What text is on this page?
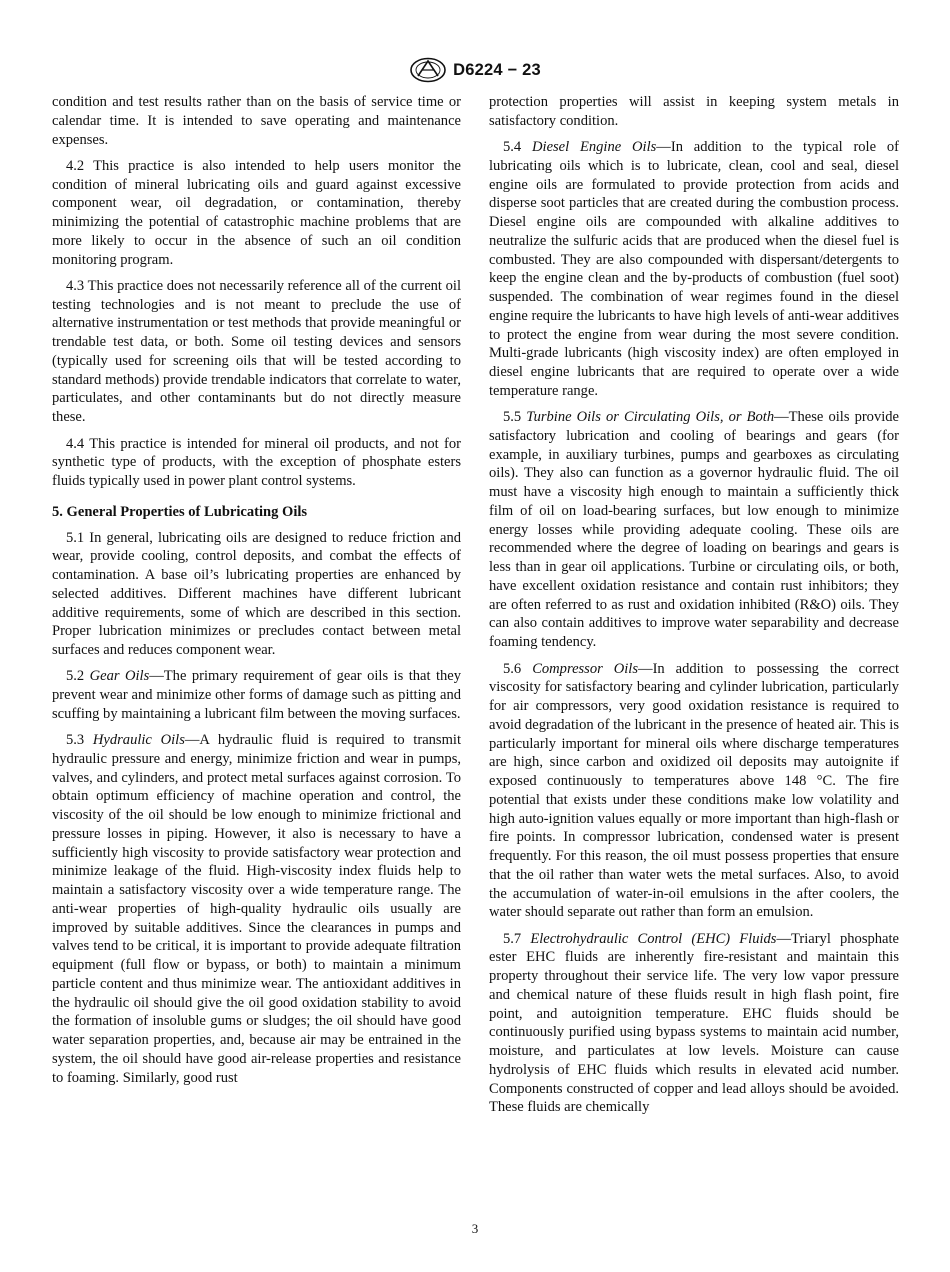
D6224 − 23

condition and test results rather than on the basis of service time or calendar time. It is intended to save operating and maintenance expenses.

4.2 This practice is also intended to help users monitor the condition of mineral lubricating oils and guard against excessive component wear, oil degradation, or contamination, thereby minimizing the potential of catastrophic machine problems that are more likely to occur in the absence of such an oil condition monitoring program.

4.3 This practice does not necessarily reference all of the current oil testing technologies and is not meant to preclude the use of alternative instrumentation or test methods that provide meaningful or trendable test data, or both. Some oil testing devices and sensors (typically used for screening oils that will be tested according to standard methods) provide trendable indicators that correlate to water, particulates, and other contaminants but do not directly measure these.

4.4 This practice is intended for mineral oil products, and not for synthetic type of products, with the exception of phosphate esters fluids typically used in power plant control systems.

5. General Properties of Lubricating Oils

5.1 In general, lubricating oils are designed to reduce friction and wear, provide cooling, control deposits, and combat the effects of contamination. A base oil’s lubricating properties are enhanced by selected additives. Different machines have different lubricant additive requirements, some of which are described in this section. Proper lubrication minimizes or precludes contact between metal surfaces and reduces component wear.

5.2 Gear Oils—The primary requirement of gear oils is that they prevent wear and minimize other forms of damage such as pitting and scuffing by maintaining a lubricant film between the moving surfaces.

5.3 Hydraulic Oils—A hydraulic fluid is required to transmit hydraulic pressure and energy, minimize friction and wear in pumps, valves, and cylinders, and protect metal surfaces against corrosion. To obtain optimum efficiency of machine operation and control, the viscosity of the oil should be low enough to minimize frictional and pressure losses in piping. However, it also is necessary to have a sufficiently high viscosity to provide satisfactory wear protection and minimize leakage of the fluid. High-viscosity index fluids help to maintain a satisfactory viscosity over a wide temperature range. The anti-wear properties of high-quality hydraulic oils usually are improved by suitable additives. Since the clearances in pumps and valves tend to be critical, it is important to provide adequate filtration equipment (full flow or bypass, or both) to maintain a minimum particle content and thus minimize wear. The antioxidant additives in the hydraulic oil should give the oil good oxidation stability to avoid the formation of insoluble gums or sludges; the oil should have good water separation properties, and, because air may be entrained in the system, the oil should have good air-release properties and resistance to foaming. Similarly, good rust

protection properties will assist in keeping system metals in satisfactory condition.

5.4 Diesel Engine Oils—In addition to the typical role of lubricating oils which is to lubricate, clean, cool and seal, diesel engine oils are formulated to provide protection from acids and disperse soot particles that are created during the combustion process. Diesel engine oils are compounded with alkaline additives to neutralize the sulfuric acids that are produced when the diesel fuel is combusted. They are also compounded with dispersant/detergents to keep the engine clean and the by-products of combustion (fuel soot) suspended. The combination of wear regimes found in the diesel engine require the lubricants to have high levels of anti-wear additives to protect the engine from wear during the most severe condition. Multi-grade lubricants (high viscosity index) are often employed in diesel engine lubricants that are required to operate over a wide temperature range.

5.5 Turbine Oils or Circulating Oils, or Both—These oils provide satisfactory lubrication and cooling of bearings and gears (for example, in auxiliary turbines, pumps and gearboxes as circulating oils). They also can function as a governor hydraulic fluid. The oil must have a viscosity high enough to maintain a sufficiently thick film of oil on load-bearing surfaces, but low enough to minimize energy losses while providing adequate cooling. These oils are recommended where the degree of loading on bearings and gears is less than in gear oil applications. Turbine or circulating oils, or both, have excellent oxidation resistance and contain rust inhibitors; they are often referred to as rust and oxidation inhibited (R&O) oils. They can also contain additives to improve water separability and decrease foaming tendency.

5.6 Compressor Oils—In addition to possessing the correct viscosity for satisfactory bearing and cylinder lubrication, particularly for air compressors, very good oxidation resistance is required to avoid degradation of the lubricant in the presence of heated air. This is particularly important for mineral oils where discharge temperatures are high, since carbon and oxidized oil deposits may autoignite if exposed continuously to temperatures above 148 °C. The fire potential that exists under these conditions make low volatility and high auto-ignition values equally or more important than high-flash or fire points. In compressor lubrication, condensed water is present frequently. For this reason, the oil must possess properties that ensure that the oil rather than water wets the metal surfaces. Also, to avoid the accumulation of water-in-oil emulsions in the after coolers, the water should separate out rather than form an emulsion.

5.7 Electrohydraulic Control (EHC) Fluids—Triaryl phosphate ester EHC fluids are inherently fire-resistant and maintain this property throughout their service life. The very low vapor pressure and chemical nature of these fluids result in high flash point, fire point, and autoignition temperature. EHC fluids should be continuously purified using bypass systems to maintain acid number, moisture, and particulates at low levels. Moisture can cause hydrolysis of EHC fluids which results in elevated acid number. Components constructed of copper and lead alloys should be avoided. These fluids are chemically

3
